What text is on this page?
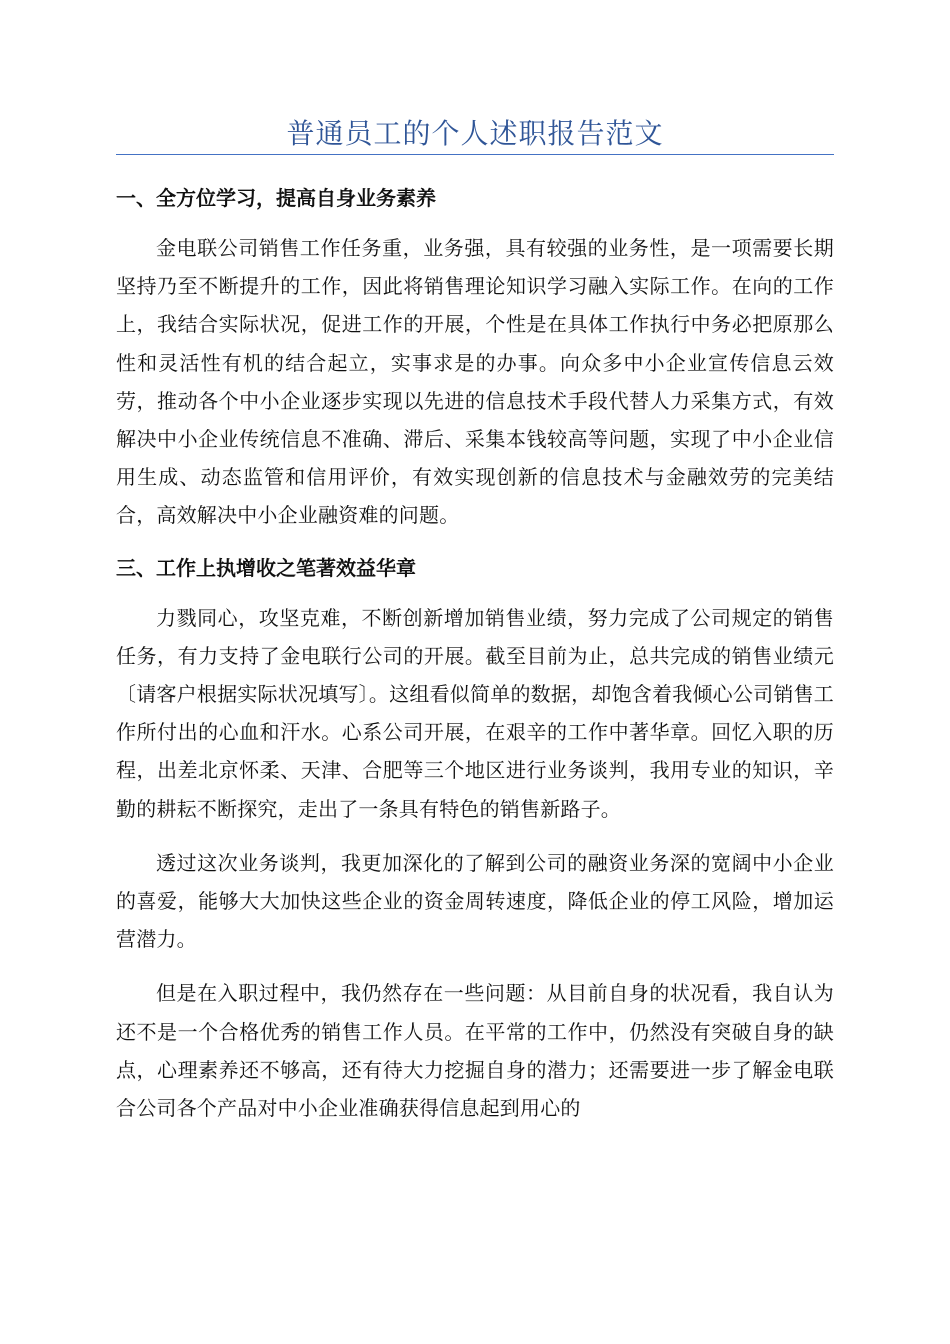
普通员工的个人述职报告范文
一、全方位学习，提高自身业务素养

金电联公司销售工作任务重，业务强，具有较强的业务性，是一项需要长期坚持乃至不断提升的工作，因此将销售理论知识学习融入实际工作。在向的工作上，我结合实际状况，促进工作的开展，个性是在具体工作执行中务必把原那么性和灵活性有机的结合起立，实事求是的办事。向众多中小企业宣传信息云效劳，推动各个中小企业逐步实现以先进的信息技术手段代替人力采集方式，有效解决中小企业传统信息不准确、滞后、采集本钱较高等问题，实现了中小企业信用生成、动态监管和信用评价，有效实现创新的信息技术与金融效劳的完美结合，高效解决中小企业融资难的问题。

三、工作上执增收之笔著效益华章

力戮同心，攻坚克难，不断创新增加销售业绩，努力完成了公司规定的销售任务，有力支持了金电联行公司的开展。截至目前为止，总共完成的销售业绩元〔请客户根据实际状况填写〕。这组看似简单的数据，却饱含着我倾心公司销售工作所付出的心血和汗水。心系公司开展，在艰辛的工作中著华章。回忆入职的历程，出差北京怀柔、天津、合肥等三个地区进行业务谈判，我用专业的知识，辛勤的耕耘不断探究，走出了一条具有特色的销售新路子。

透过这次业务谈判，我更加深化的了解到公司的融资业务深的宽阔中小企业的喜爱，能够大大加快这些企业的资金周转速度，降低企业的停工风险，增加运营潜力。

但是在入职过程中，我仍然存在一些问题：从目前自身的状况看，我自认为还不是一个合格优秀的销售工作人员。在平常的工作中，仍然没有突破自身的缺点，心理素养还不够高，还有待大力挖掘自身的潜力；还需要进一步了解金电联合公司各个产品对中小企业准确获得信息起到用心的
